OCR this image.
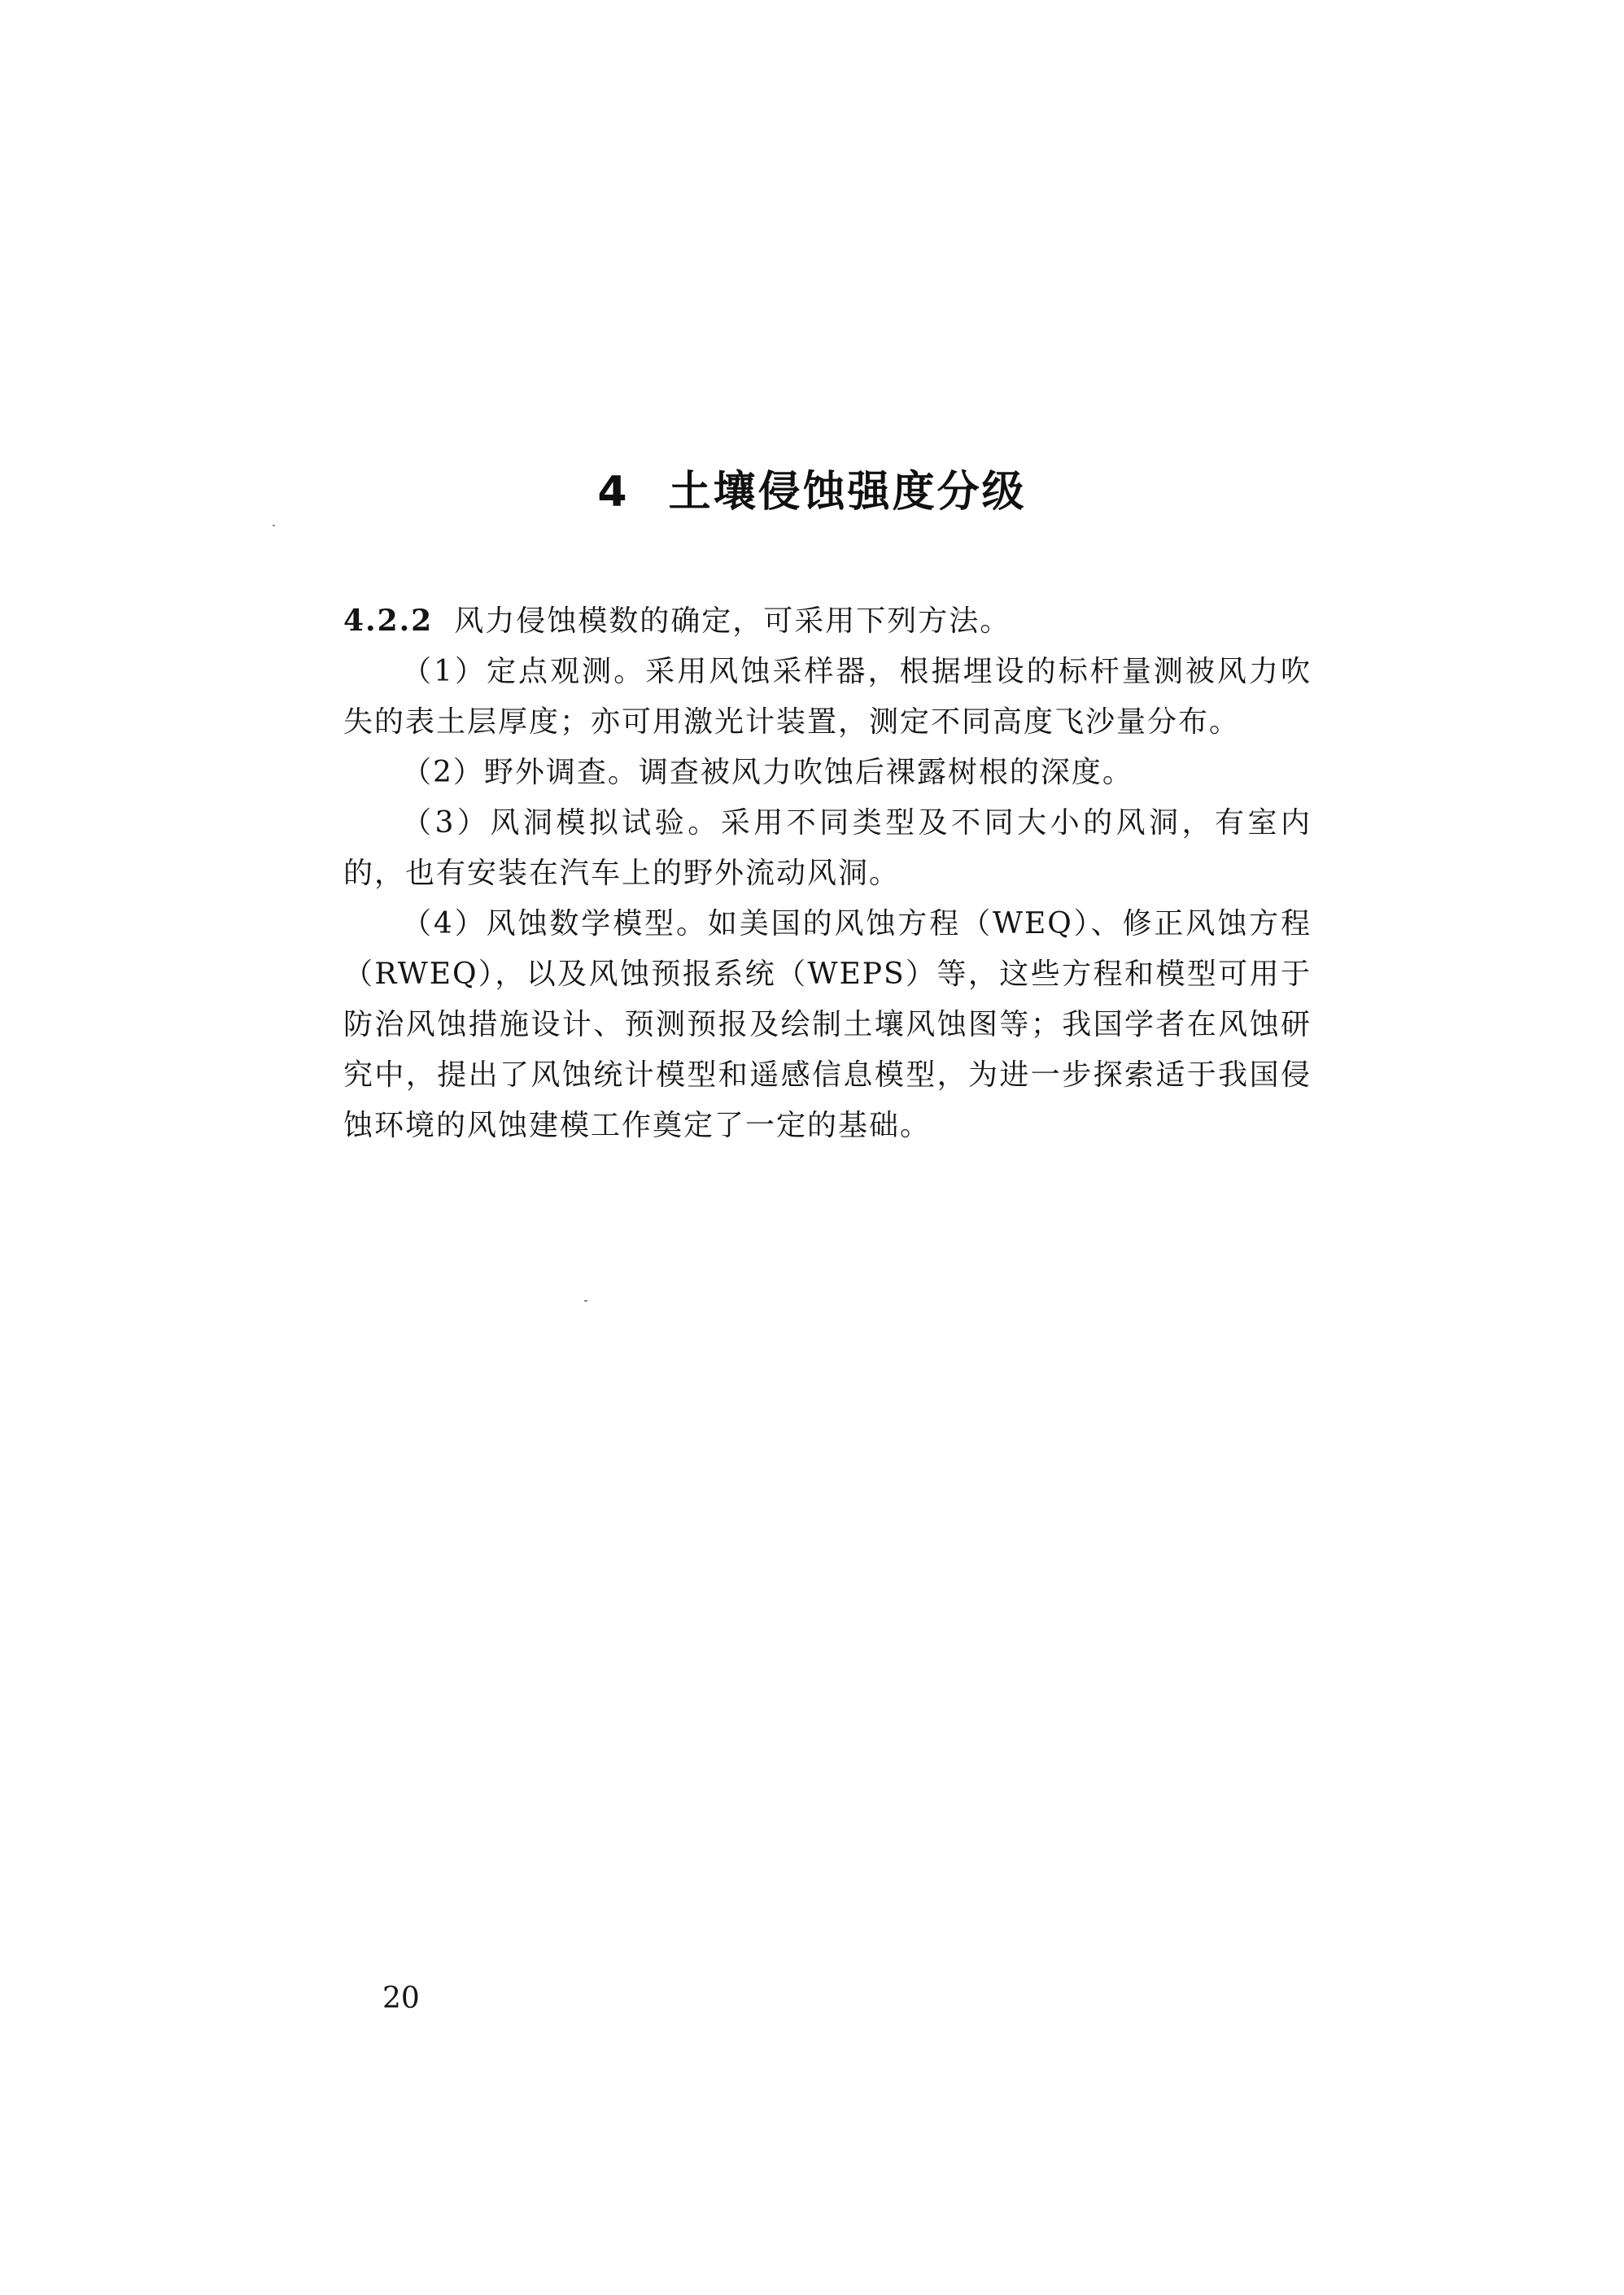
4 土壤侵蚀强度分级

4.2.2 风力侵蚀模数的确定，可采用下列方法。

（1）定点观测。采用风蚀采样器，根据埋设的标杆量测被风力吹失的表土层厚度；亦可用激光计装置，测定不同高度飞沙量分布。

（2）野外调查。调查被风力吹蚀后裸露树根的深度。

（3）风洞模拟试验。采用不同类型及不同大小的风洞，有室内的，也有安装在汽车上的野外流动风洞。

（4）风蚀数学模型。如美国的风蚀方程（WEQ）、修正风蚀方程（RWEQ），以及风蚀预报系统（WEPS）等，这些方程和模型可用于防治风蚀措施设计、预测预报及绘制土壤风蚀图等；我国学者在风蚀研究中，提出了风蚀统计模型和遥感信息模型，为进一步探索适于我国侵蚀环境的风蚀建模工作奠定了一定的基础。

20
